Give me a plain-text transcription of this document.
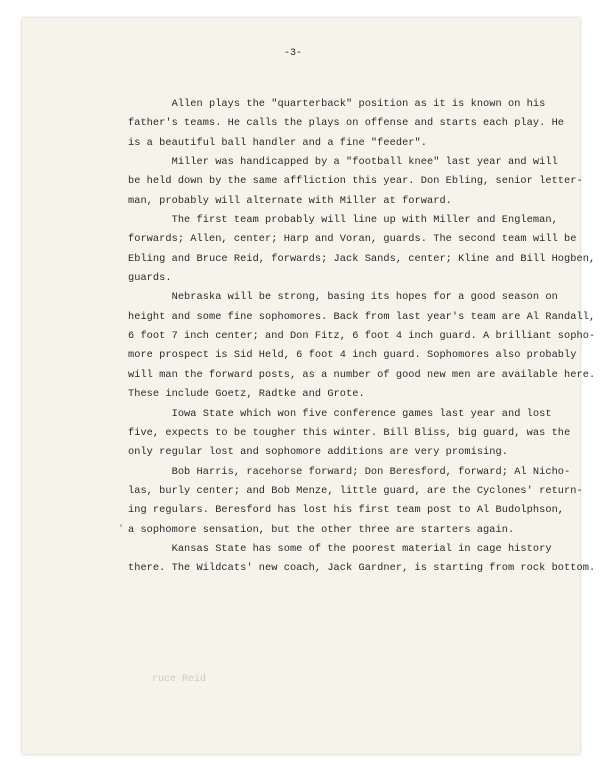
-3-
Allen plays the "quarterback" position as it is known on his
father's teams. He calls the plays on offense and starts each play. He
is a beautiful ball handler and a fine "feeder".
Miller was handicapped by a "football knee" last year and will
be held down by the same affliction this year. Don Ebling, senior letter-
man, probably will alternate with Miller at forward.
The first team probably will line up with Miller and Engleman,
forwards; Allen, center; Harp and Voran, guards. The second team will be
Ebling and Bruce Reid, forwards; Jack Sands, center; Kline and Bill Hogben,
guards.
Nebraska will be strong, basing its hopes for a good season on
height and some fine sophomores. Back from last year's team are Al Randall,
6 foot 7 inch center; and Don Fitz, 6 foot 4 inch guard. A brilliant sopho-
more prospect is Sid Held, 6 foot 4 inch guard. Sophomores also probably
will man the forward posts, as a number of good new men are available here.
These include Goetz, Radtke and Grote.
Iowa State which won five conference games last year and lost
five, expects to be tougher this winter. Bill Bliss, big guard, was the
only regular lost and sophomore additions are very promising.
Bob Harris, racehorse forward; Don Beresford, forward; Al Nicho-
las, burly center; and Bob Menze, little guard, are the Cyclones' return-
ing regulars. Beresford has lost his first team post to Al Budolphson,
a sophomore sensation, but the other three are starters again.
Kansas State has some of the poorest material in cage history
there. The Wildcats' new coach, Jack Gardner, is starting from rock bottom.
ruce Reid
